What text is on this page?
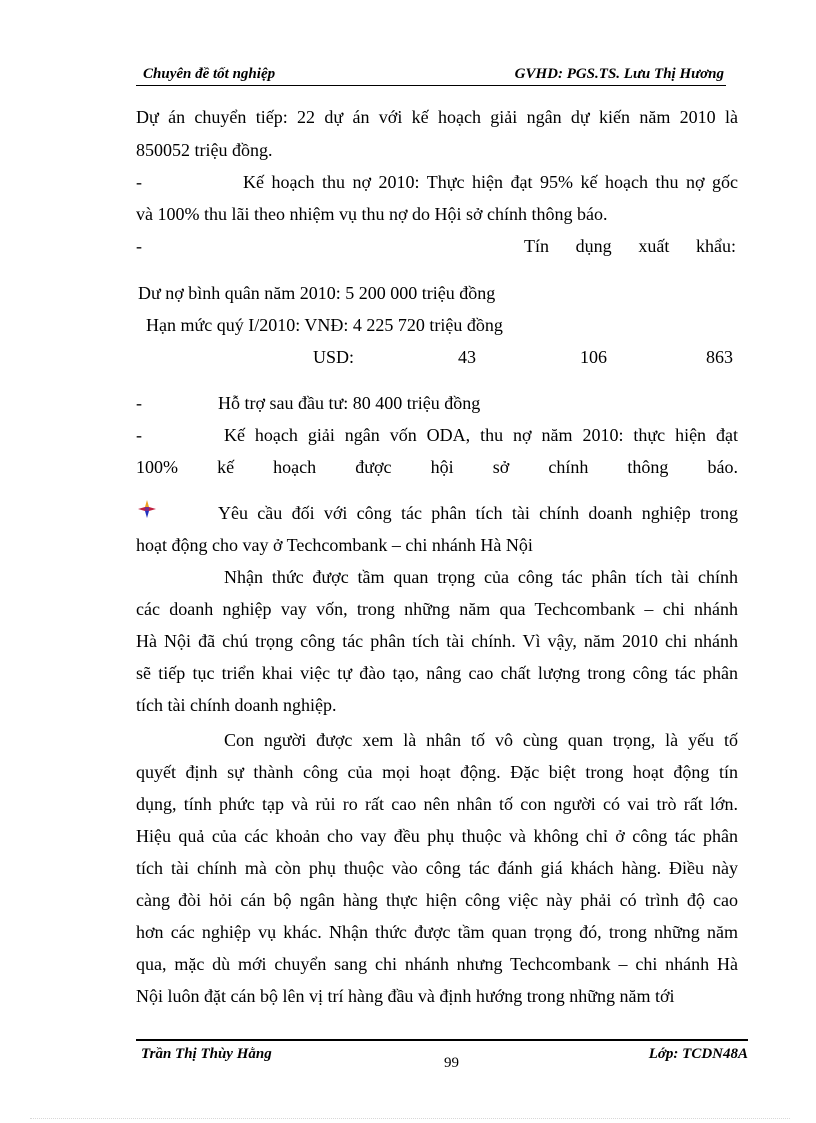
Chuyên đề tốt nghiệp	GVHD: PGS.TS. Lưu Thị Hương
Dự án chuyển tiếp: 22 dự án với kế hoạch giải ngân dự kiến năm 2010 là
850052 triệu đồng.
-	Kế hoạch thu nợ 2010: Thực hiện đạt 95% kế hoạch thu nợ gốc
và 100% thu lãi theo nhiệm vụ thu nợ do Hội sở chính thông báo.
-	Tín dụng xuất khẩu:
Dư nợ bình quân năm 2010: 5 200 000 triệu đồng
Hạn mức quý I/2010: VNĐ: 4 225 720 triệu đồng
USD:	43	106	863
-	Hỗ trợ sau đầu tư: 80 400 triệu đồng
-	Kế hoạch giải ngân vốn ODA, thu nợ năm 2010: thực hiện đạt
100% kế hoạch được hội sở chính thông báo.
Yêu cầu đối với công tác phân tích tài chính doanh nghiệp trong
hoạt động cho vay ở Techcombank – chi nhánh Hà Nội
Nhận thức được tầm quan trọng của công tác phân tích tài chính
các doanh nghiệp vay vốn, trong những năm qua Techcombank – chi nhánh
Hà Nội đã chú trọng công tác phân tích tài chính. Vì vậy, năm 2010 chi nhánh
sẽ tiếp tục triển khai việc tự đào tạo, nâng cao chất lượng trong công tác phân
tích tài chính doanh nghiệp.
Con người được xem là nhân tố vô cùng quan trọng, là yếu tố
quyết định sự thành công của mọi hoạt động. Đặc biệt trong hoạt động tín
dụng, tính phức tạp và rủi ro rất cao nên nhân tố con người có vai trò rất lớn.
Hiệu quả của các khoản cho vay đều phụ thuộc và không chỉ ở công tác phân
tích tài chính mà còn phụ thuộc vào công tác đánh giá khách hàng. Điều này
càng đòi hỏi cán bộ ngân hàng thực hiện công việc này phải có trình độ cao
hơn các nghiệp vụ khác. Nhận thức được tầm quan trọng đó, trong những năm
qua, mặc dù mới chuyển sang chi nhánh nhưng Techcombank – chi nhánh Hà
Nội luôn đặt cán bộ lên vị trí hàng đầu và định hướng trong những năm tới
Trần Thị Thùy Hằng	Lớp: TCDN48A
99
